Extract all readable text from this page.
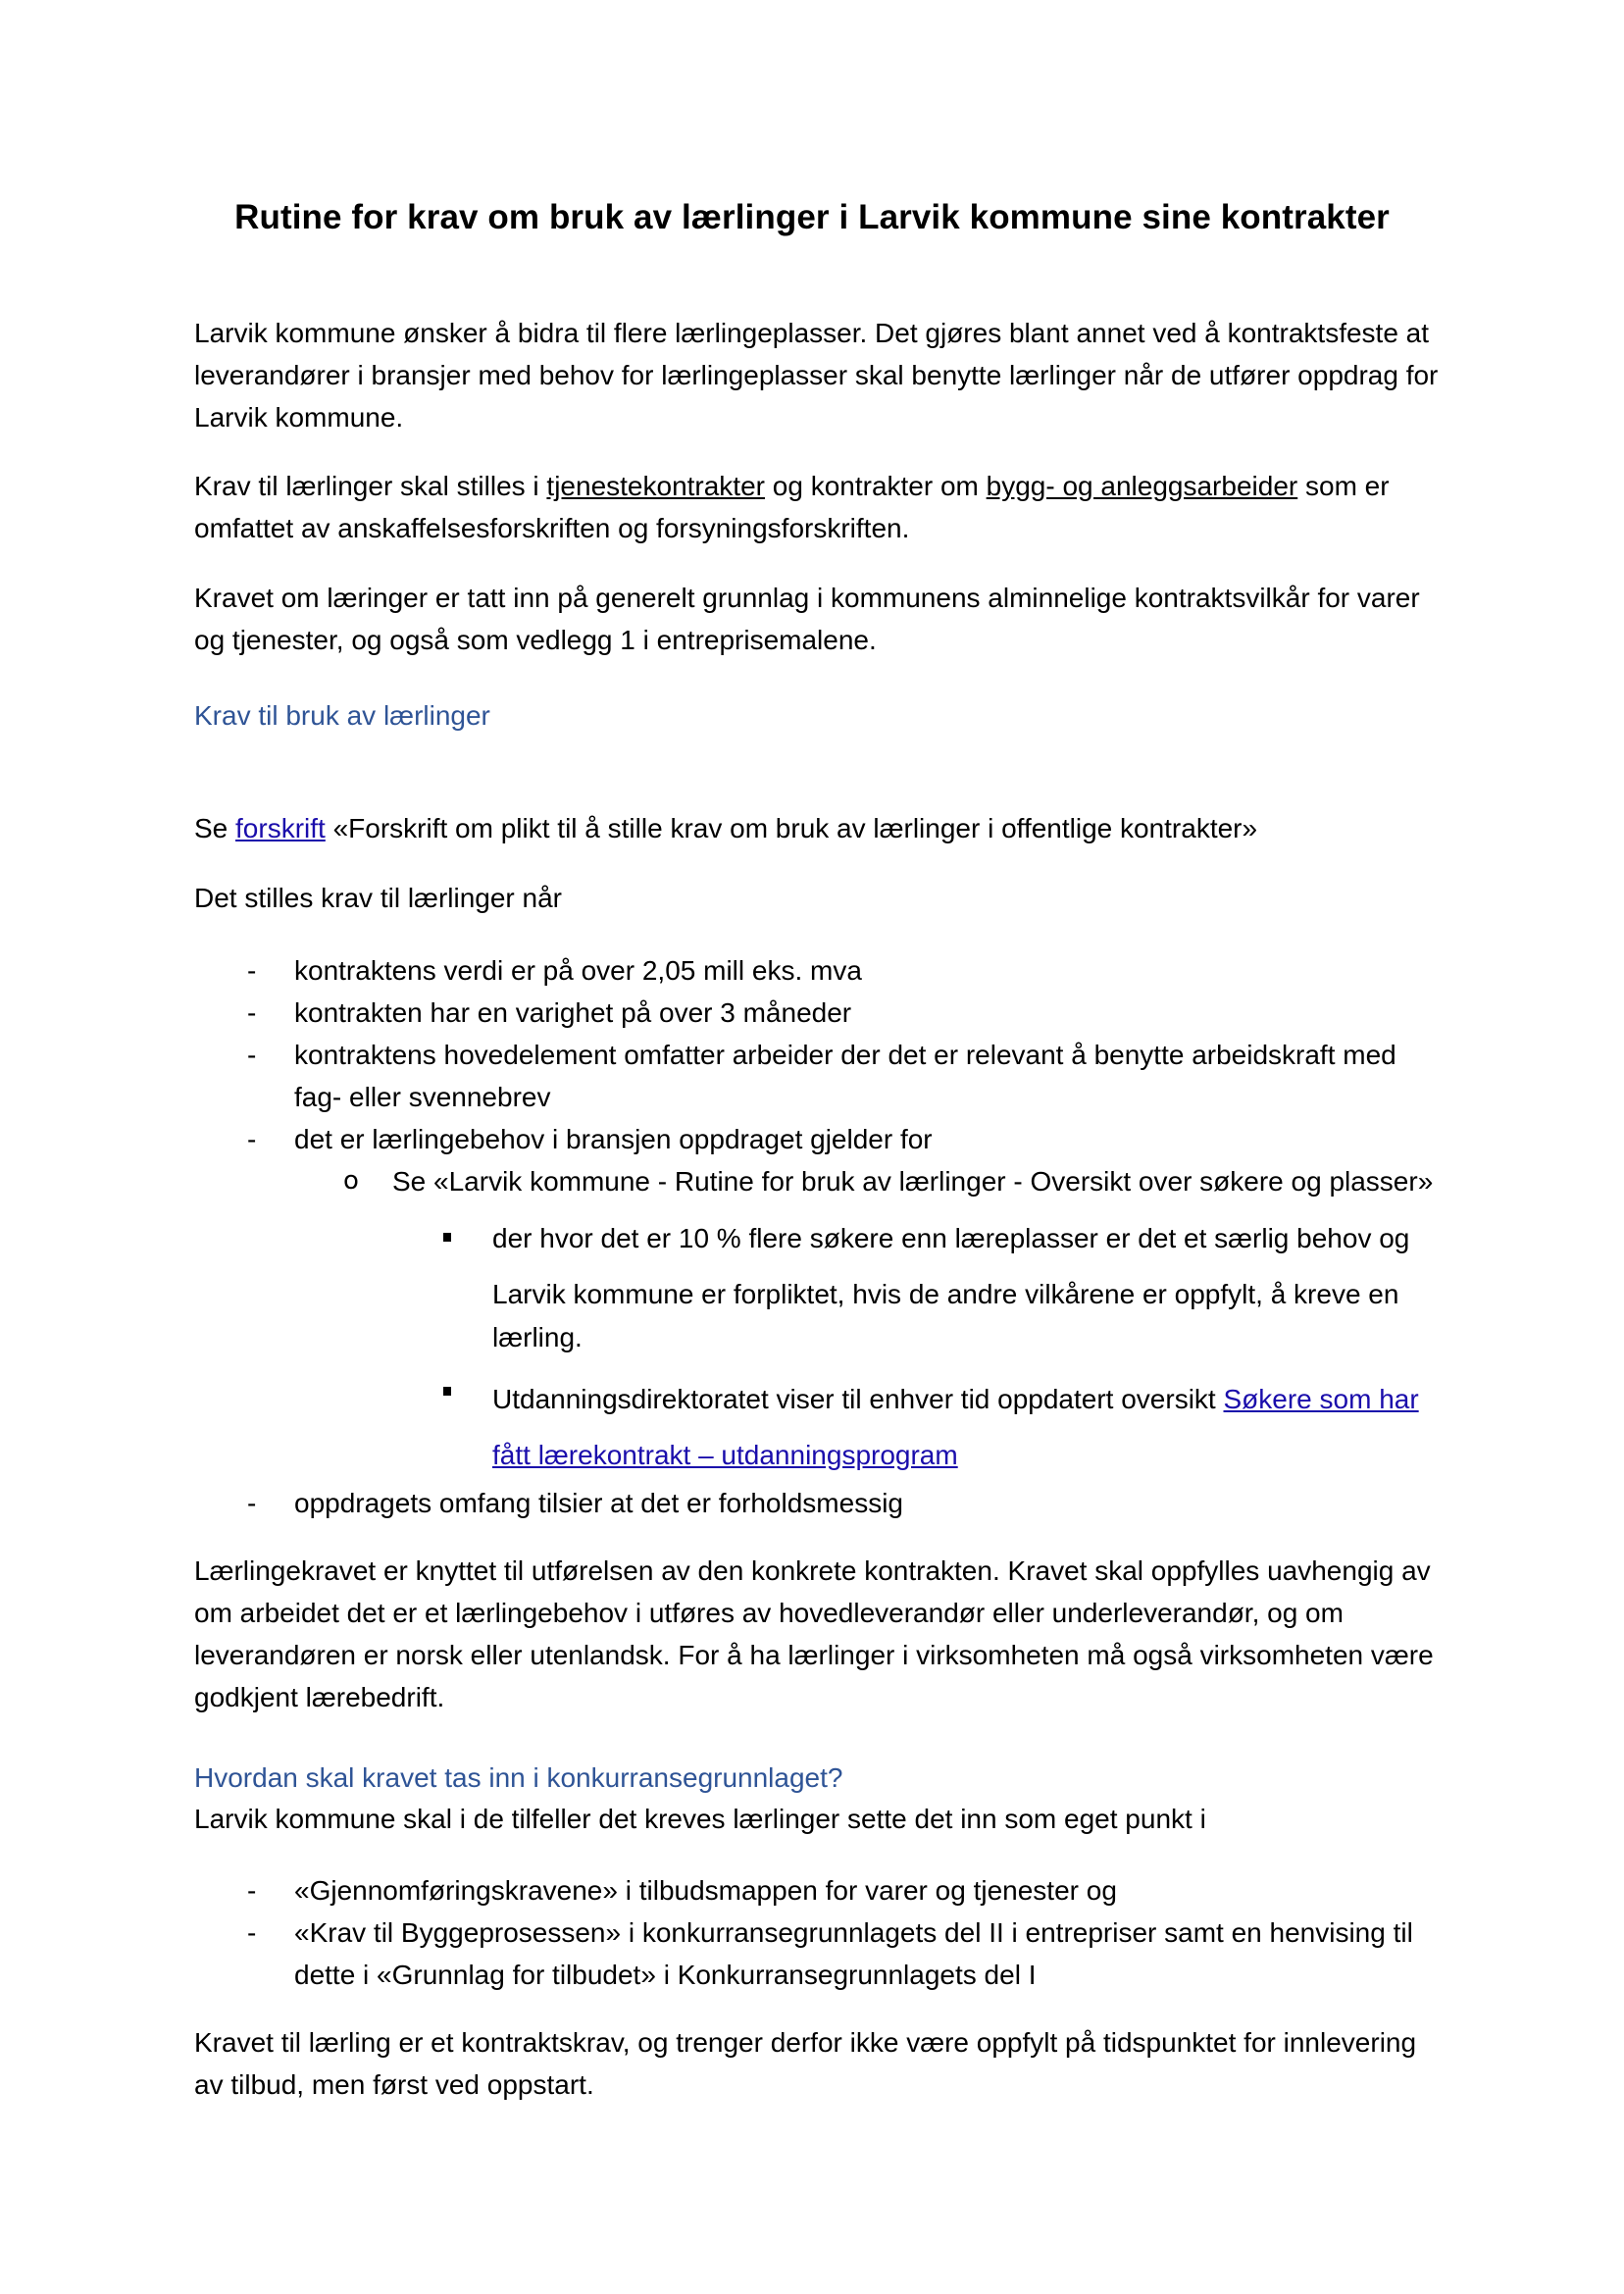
Rutine for krav om bruk av lærlinger i Larvik kommune sine kontrakter
Larvik kommune ønsker å bidra til flere lærlingeplasser. Det gjøres blant annet ved å kontraktsfeste at leverandører i bransjer med behov for lærlingeplasser skal benytte lærlinger når de utfører oppdrag for Larvik kommune.
Krav til lærlinger skal stilles i tjenestekontrakter og kontrakter om bygg- og anleggsarbeider som er omfattet av anskaffelsesforskriften og forsyningsforskriften.
Kravet om læringer er tatt inn på generelt grunnlag i kommunens alminnelige kontraktsvilkår for varer og tjenester, og også som vedlegg 1 i entreprisemalene.
Krav til bruk av lærlinger
Se forskrift «Forskrift om plikt til å stille krav om bruk av lærlinger i offentlige kontrakter»
Det stilles krav til lærlinger når
- kontraktens verdi er på over 2,05 mill eks. mva
- kontrakten har en varighet på over 3 måneder
- kontraktens hovedelement omfatter arbeider der det er relevant å benytte arbeidskraft med fag- eller svennebrev
- det er lærlingebehov i bransjen oppdraget gjelder for
o Se «Larvik kommune - Rutine for bruk av lærlinger - Oversikt over søkere og plasser»
der hvor det er 10 % flere søkere enn læreplasser er det et særlig behov og
Larvik kommune er forpliktet, hvis de andre vilkårene er oppfylt, å kreve en lærling.
Utdanningsdirektoratet viser til enhver tid oppdatert oversikt Søkere som har
fått lærekontrakt – utdanningsprogram
- oppdragets omfang tilsier at det er forholdsmessig
Lærlingekravet er knyttet til utførelsen av den konkrete kontrakten. Kravet skal oppfylles uavhengig av om arbeidet det er et lærlingebehov i utføres av hovedleverandør eller underleverandør, og om leverandøren er norsk eller utenlandsk. For å ha lærlinger i virksomheten må også virksomheten være godkjent lærebedrift.
Hvordan skal kravet tas inn i konkurransegrunnlaget?
Larvik kommune skal i de tilfeller det kreves lærlinger sette det inn som eget punkt i
- «Gjennomføringskravene» i tilbudsmappen for varer og tjenester og
- «Krav til Byggeprosessen» i konkurransegrunnlagets del II i entrepriser samt en henvising til dette i «Grunnlag for tilbudet» i Konkurransegrunnlagets del I
Kravet til lærling er et kontraktskrav, og trenger derfor ikke være oppfylt på tidspunktet for innlevering av tilbud, men først ved oppstart.
